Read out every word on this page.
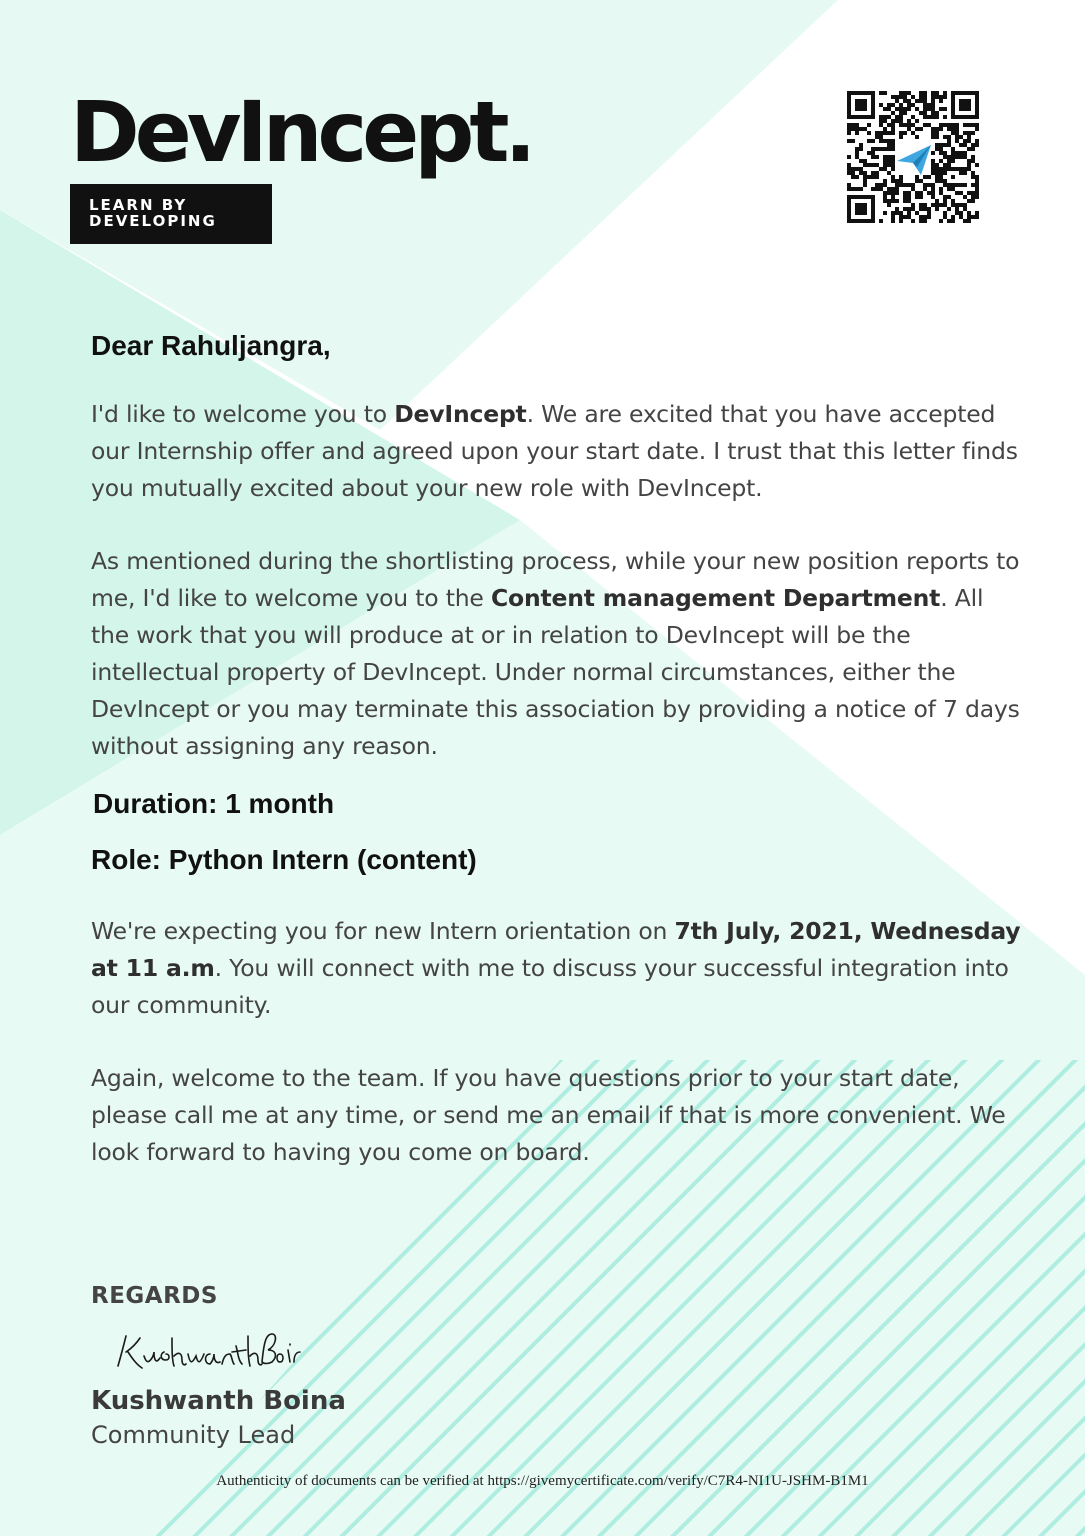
DevIncept.
LEARN BY
DEVELOPING
Dear Rahuljangra,
I'd like to welcome you to DevIncept. We are excited that you have accepted our Internship offer and agreed upon your start date. I trust that this letter finds you mutually excited about your new role with DevIncept.
As mentioned during the shortlisting process, while your new position reports to me, I'd like to welcome you to the Content management Department. All the work that you will produce at or in relation to DevIncept will be the intellectual property of DevIncept. Under normal circumstances, either the DevIncept or you may terminate this association by providing a notice of 7 days without assigning any reason.
Duration: 1 month
Role: Python Intern (content)
We're expecting you for new Intern orientation on 7th July, 2021, Wednesday at 11 a.m. You will connect with me to discuss your successful integration into our community.
Again, welcome to the team. If you have questions prior to your start date, please call me at any time, or send me an email if that is more convenient. We look forward to having you come on board.
REGARDS
Kushwanth Boina
Community Lead
Authenticity of documents can be verified at https://givemycertificate.com/verify/C7R4-NI1U-JSHM-B1M1
